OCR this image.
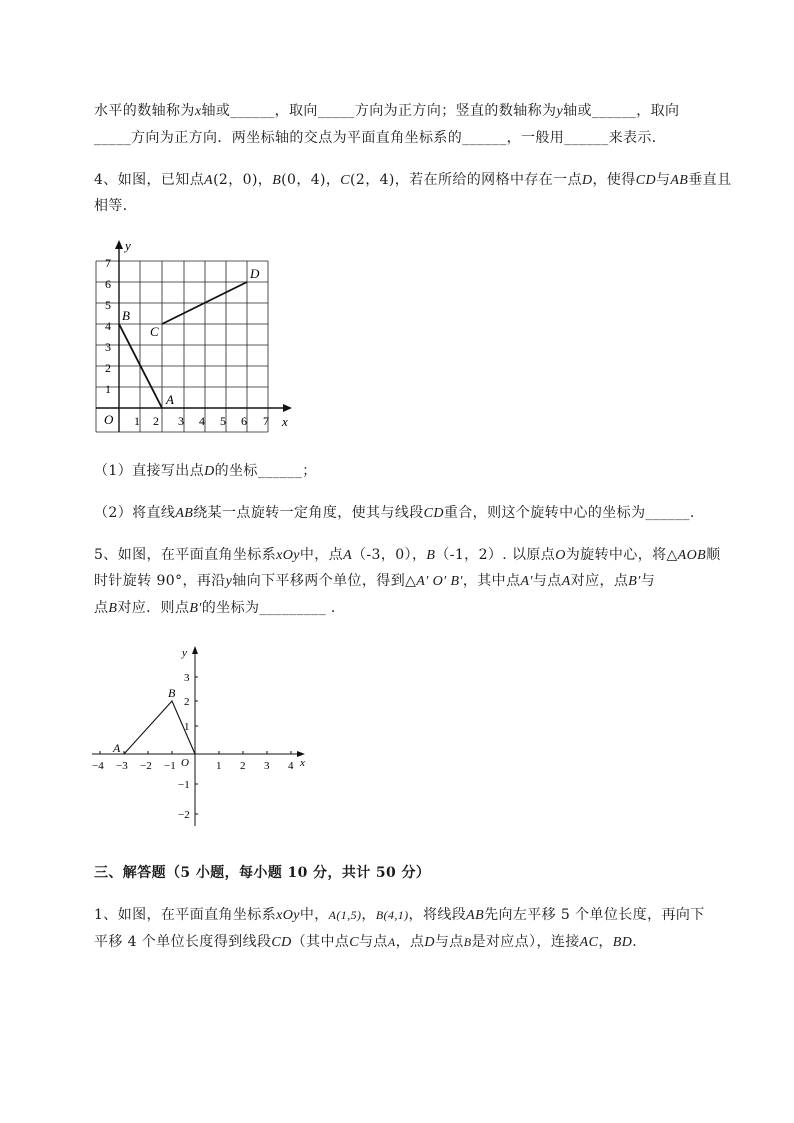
水平的数轴称为x轴或______，取向_____方向为正方向；竖直的数轴称为y轴或______，取向
_____方向为正方向．两坐标轴的交点为平面直角坐标系的______，一般用______来表示．
4、如图，已知点A(2，0)，B(0，4)，C(2，4)，若在所给的网格中存在一点D，使得CD与AB垂直且
相等．
y
x
O
1
2
3
4
5
6
7
1 2 3 4 5 6 7
A
B
C
D
（1）直接写出点D的坐标______；
（2）将直线AB绕某一点旋转一定角度，使其与线段CD重合，则这个旋转中心的坐标为______.
5、如图，在平面直角坐标系xOy中，点A（-3，0），B（-1，2）. 以原点O为旋转中心，将△AOB顺
时针旋转 90°，再沿y轴向下平移两个单位，得到△A′ O′ B′，其中点A′与点A对应，点B′与
点B对应．则点B′的坐标为_________ .
y
x
O
−4 −3 −2 −1	1 2 3 4
1
2
3
−1
−2
A
B
三、解答题（5 小题，每小题 10 分，共计 50 分）
1、如图，在平面直角坐标系xOy中，A(1,5)，B(4,1)，将线段AB先向左平移 5 个单位长度，再向下
平移 4 个单位长度得到线段CD（其中点C与点A，点D与点B是对应点），连接AC，BD.
